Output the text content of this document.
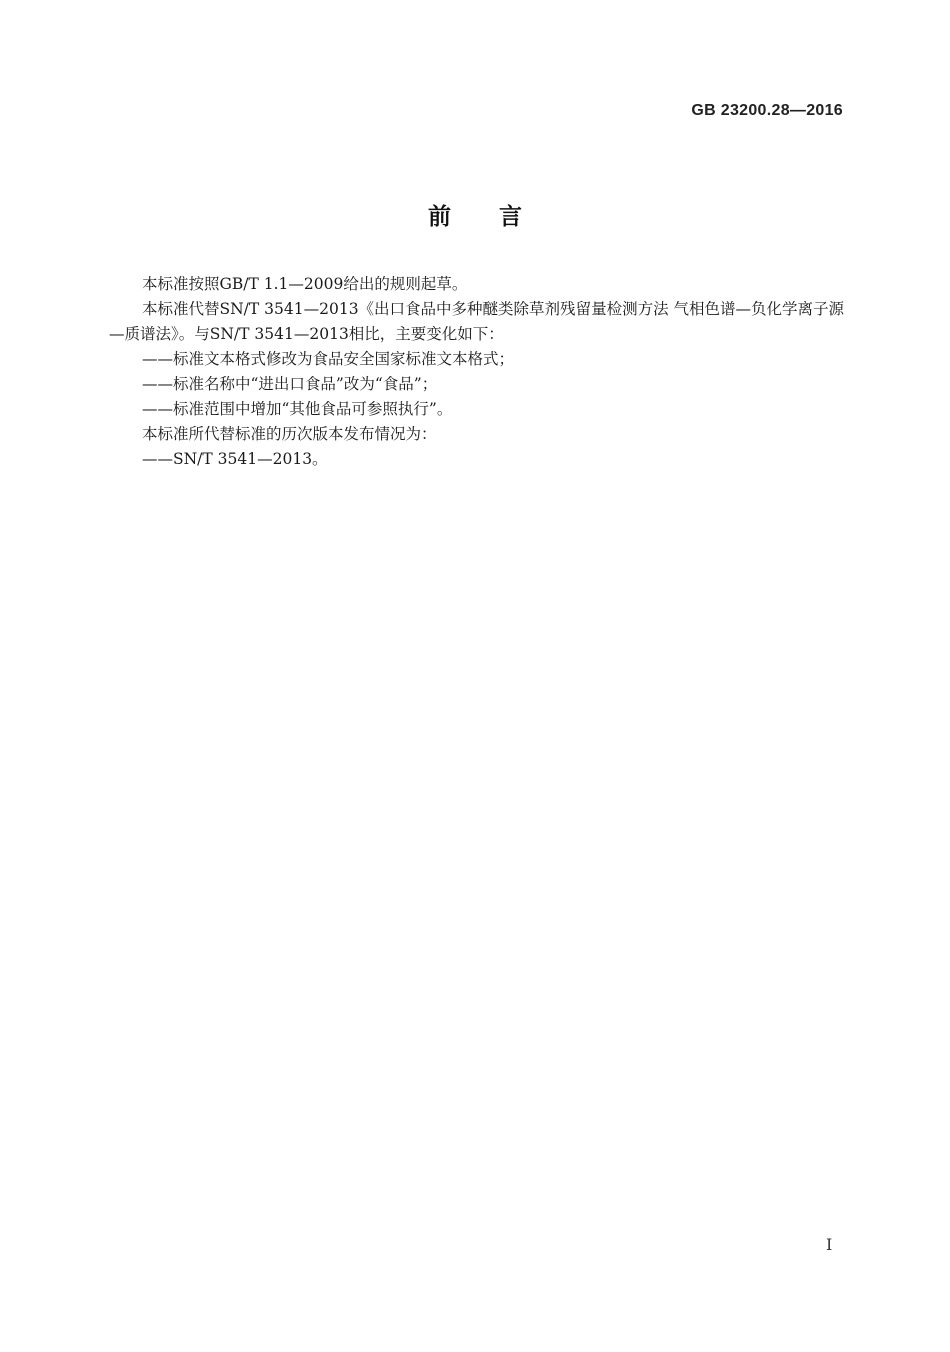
GB 23200.28—2016
前言

本标准按照GB/T 1.1—2009给出的规则起草。

本标准代替SN/T 3541—2013《出口食品中多种醚类除草剂残留量检测方法 气相色谱—负化学离子源—质谱法》。与SN/T 3541—2013相比，主要变化如下：

——标准文本格式修改为食品安全国家标准文本格式；

——标准名称中“进出口食品”改为“食品”；

——标准范围中增加“其他食品可参照执行”。

本标准所代替标准的历次版本发布情况为：

——SN/T 3541—2013。

I
